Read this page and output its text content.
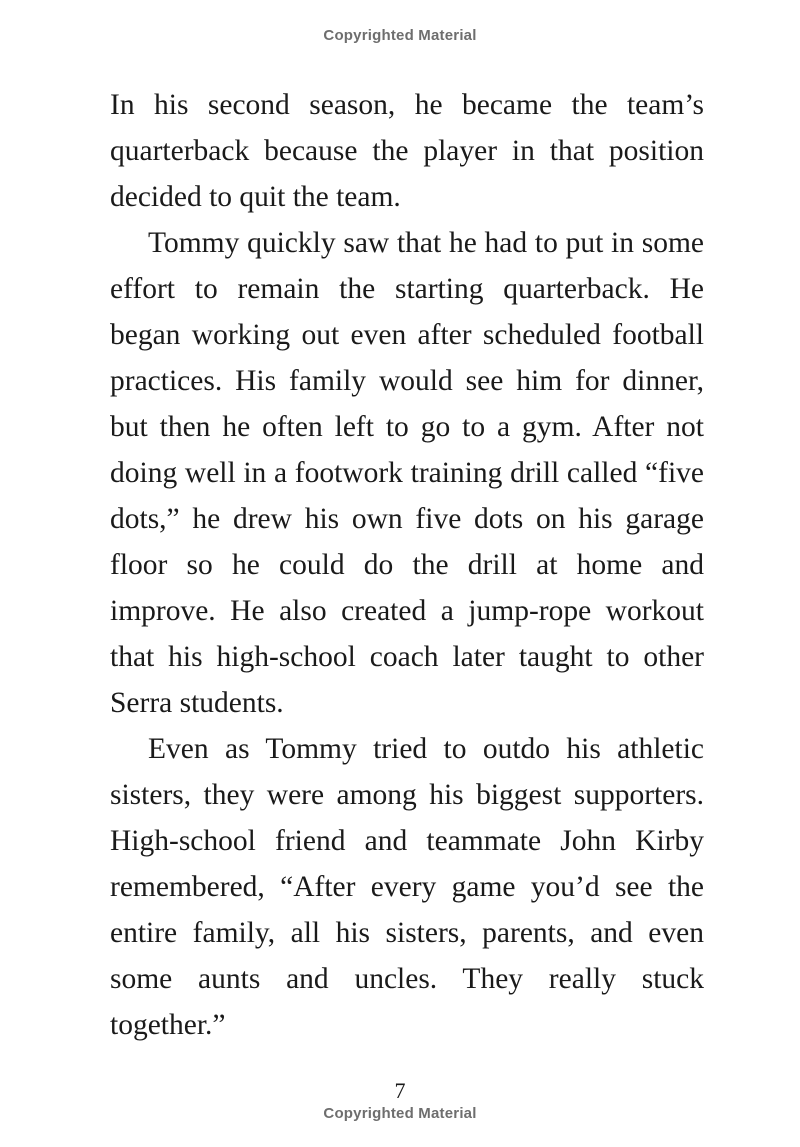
Copyrighted Material

In his second season, he became the team’s quarterback because the player in that position decided to quit the team.

Tommy quickly saw that he had to put in some effort to remain the starting quarterback. He began working out even after scheduled football practices. His family would see him for dinner, but then he often left to go to a gym. After not doing well in a footwork training drill called “five dots,” he drew his own five dots on his garage floor so he could do the drill at home and improve. He also created a jump-rope workout that his high-school coach later taught to other Serra students.

Even as Tommy tried to outdo his athletic sisters, they were among his biggest supporters. High-school friend and teammate John Kirby remembered, “After every game you’d see the entire family, all his sisters, parents, and even some aunts and uncles. They really stuck together.”

7
Copyrighted Material
